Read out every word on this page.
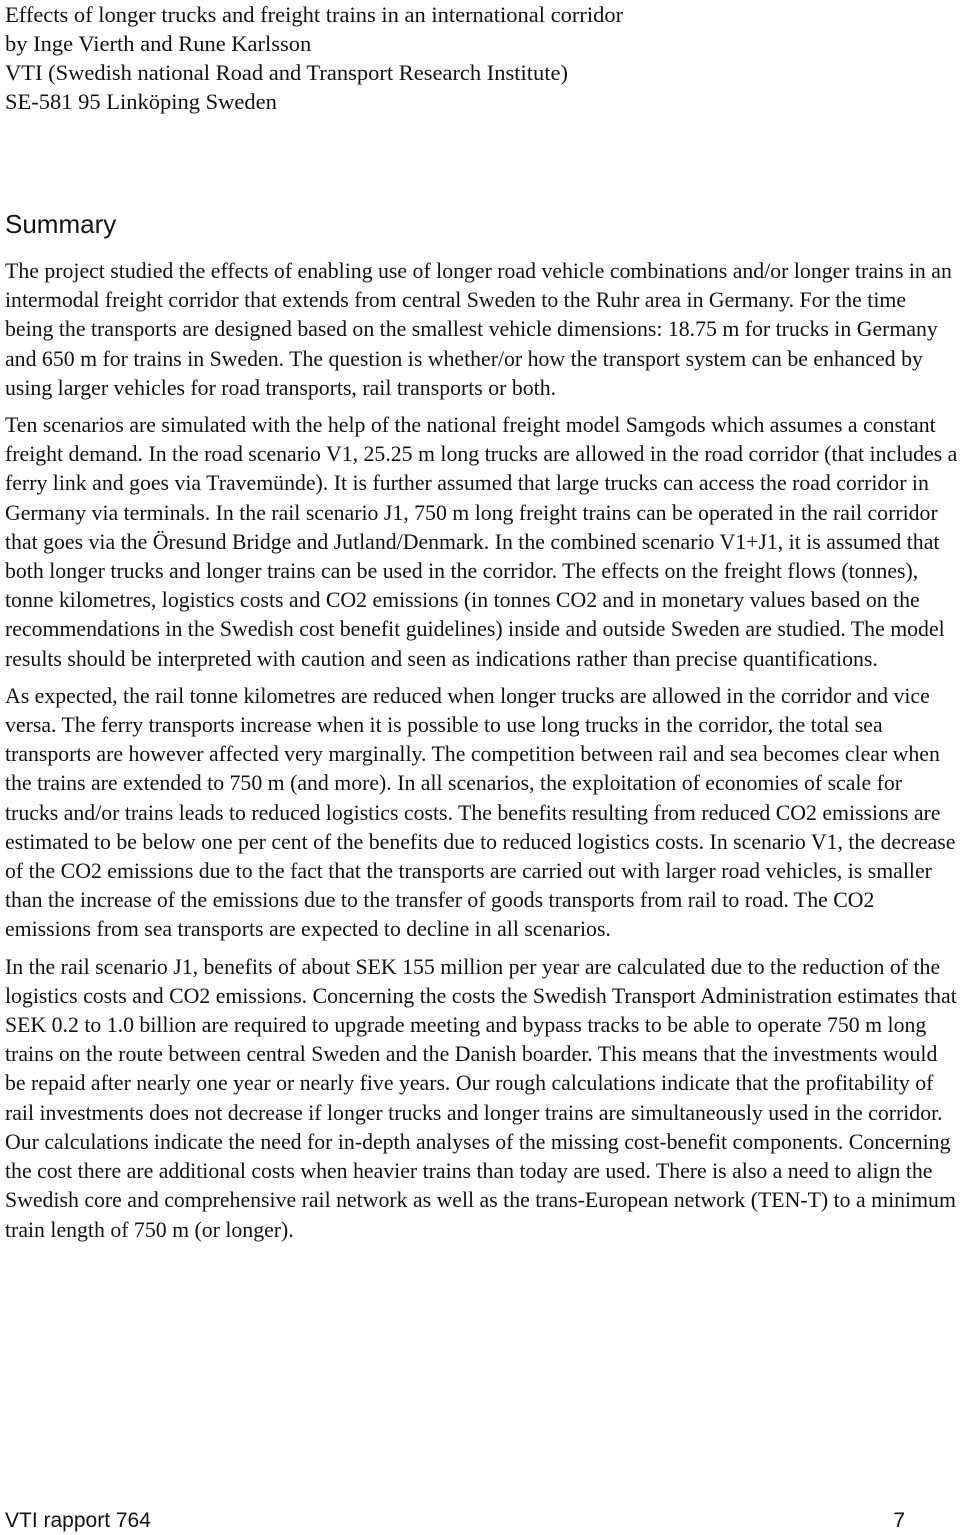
Effects of longer trucks and freight trains in an international corridor
by Inge Vierth and Rune Karlsson
VTI (Swedish national Road and Transport Research Institute)
SE-581 95 Linköping Sweden
Summary

The project studied the effects of enabling use of longer road vehicle combinations and/or longer trains in an intermodal freight corridor that extends from central Sweden to the Ruhr area in Germany. For the time being the transports are designed based on the smallest vehicle dimensions: 18.75 m for trucks in Germany and 650 m for trains in Sweden. The question is whether/or how the transport system can be enhanced by using larger vehicles for road transports, rail transports or both.

Ten scenarios are simulated with the help of the national freight model Samgods which assumes a constant freight demand. In the road scenario V1, 25.25 m long trucks are allowed in the road corridor (that includes a ferry link and goes via Travemünde). It is further assumed that large trucks can access the road corridor in Germany via terminals. In the rail scenario J1, 750 m long freight trains can be operated in the rail corridor that goes via the Öresund Bridge and Jutland/Denmark. In the combined scenario V1+J1, it is assumed that both longer trucks and longer trains can be used in the corridor. The effects on the freight flows (tonnes), tonne kilometres, logistics costs and CO2 emissions (in tonnes CO2 and in monetary values based on the recommendations in the Swedish cost benefit guidelines) inside and outside Sweden are studied. The model results should be interpreted with caution and seen as indications rather than precise quantifications.

As expected, the rail tonne kilometres are reduced when longer trucks are allowed in the corridor and vice versa. The ferry transports increase when it is possible to use long trucks in the corridor, the total sea transports are however affected very marginally. The competition between rail and sea becomes clear when the trains are extended to 750 m (and more). In all scenarios, the exploitation of economies of scale for trucks and/or trains leads to reduced logistics costs. The benefits resulting from reduced CO2 emissions are estimated to be below one per cent of the benefits due to reduced logistics costs. In scenario V1, the decrease of the CO2 emissions due to the fact that the transports are carried out with larger road vehicles, is smaller than the increase of the emissions due to the transfer of goods transports from rail to road. The CO2 emissions from sea transports are expected to decline in all scenarios.

In the rail scenario J1, benefits of about SEK 155 million per year are calculated due to the reduction of the logistics costs and CO2 emissions. Concerning the costs the Swedish Transport Administration estimates that SEK 0.2 to 1.0 billion are required to upgrade meeting and bypass tracks to be able to operate 750 m long trains on the route between central Sweden and the Danish boarder. This means that the investments would be repaid after nearly one year or nearly five years. Our rough calculations indicate that the profitability of rail investments does not decrease if longer trucks and longer trains are simultaneously used in the corridor. Our calculations indicate the need for in-depth analyses of the missing cost-benefit components. Concerning the cost there are additional costs when heavier trains than today are used. There is also a need to align the Swedish core and comprehensive rail network as well as the trans-European network (TEN-T) to a minimum train length of 750 m (or longer).

VTI rapport 764	7
